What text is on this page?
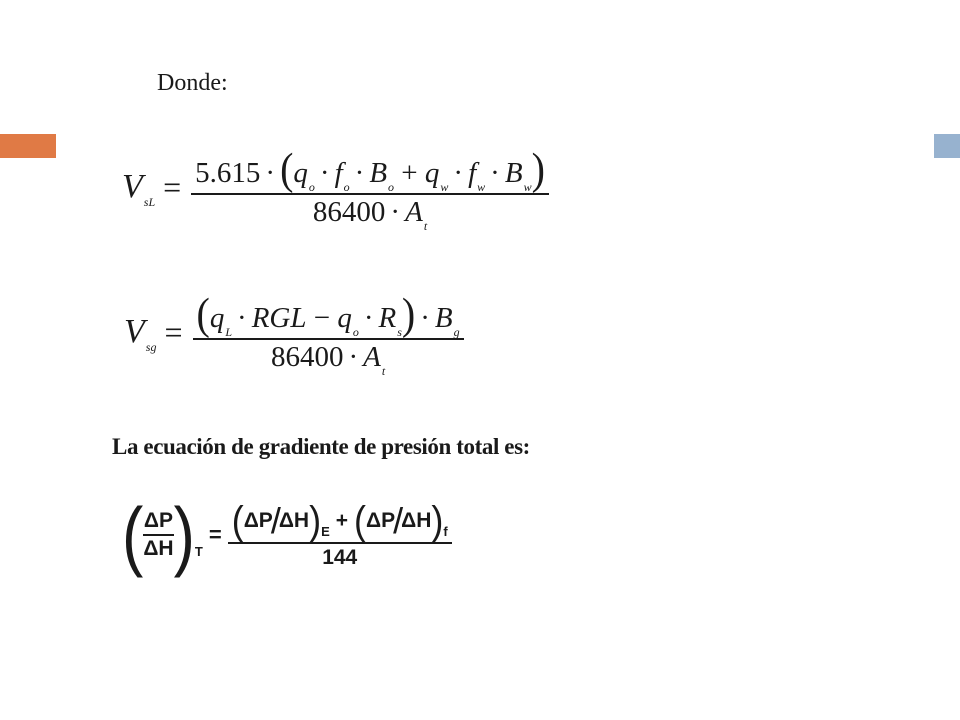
Donde:
$V_{sL} = \frac{5.615 \cdot (q_o \cdot f_o \cdot B_o + q_w \cdot f_w \cdot B_w)}{86400 \cdot A_t}$
$V_{sg} = \frac{(q_L \cdot RGL - q_o \cdot R_s) \cdot B_g}{86400 \cdot A_t}$
La ecuación de gradiente de presión total es:
( $\frac{\Delta P}{\Delta H}$ ) T
= ( ΔP
/
ΔH ) E + ( ΔP
/
ΔH ) f
144
